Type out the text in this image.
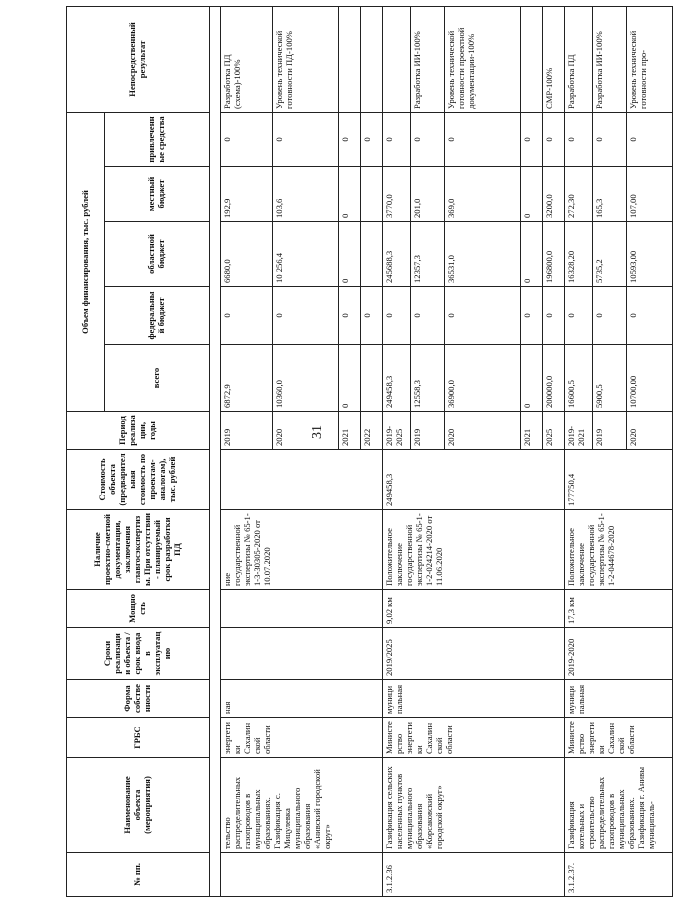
31
№ пп.	Наименование объекта (мероприятия)	ГРБС	Форма собственности	Сроки реализации объекта / срок ввода в эксплуатацию	Мощность	Наличие проектно-сметной документации, заключения главгосэкспертизы. При отсутствии - планируемый срок разработки ПД	Стоимость объекта (предварительная стоимость по проектам-аналогам), тыс. рублей	Период реализации, годы	Объем финансирования, тыс. рублей					Непосредственный результат
									всего	федеральный бюджет	областной бюджет	местный бюджет	привлеченные средства	

	тельство распределительных газопроводов в муниципальных образованиях. Газификация с. Мицулевка муниципального образования «Анивский городской округ»	энергетики Сахалинской области	ная			ние государственной экспертизы № 65-1-1-3-30305-2020 от 10.07.2020		2019	6872,9	0	6680,0	192,9	0	Разработка ПД (схема)-100%
								2020	10360,0	0	10 256,4	103,6	0	Уровень технической готовности ПД-100%
								2021	0	0	0	0	0	
								2022		0			0	
3.1.2.36	Газификация сельских населенных пунктов муниципального образования «Корсаковский городской округ»	Министерство энергетики Сахалинской области	муниципальная	2019/2025	9,02 км	Положительное заключение государственной экспертизы № 65-1-1-2-024214-2020 от 11.06.2020	249458,3	2019-2025	249458,3	0	245688,3	3770,0	0	
								2019	12558,3	0	12357,3	201,0	0	Разработка ИИ-100%
								2020	36900,0	0	36531,0	369,0	0	Уровень технической готовности проектной документации-100%
								2021	0	0	0	0	0	
								2025	200000,0	0	196800,0	3200,0	0	СМР-100%
3.1.2.37.	Газификация котельных и строительство распределительных газопроводов в муниципальных образованиях. Газификация г. Анивы муниципаль-	Министерство энергетики Сахалинской области	муниципальная	2019-2020	17,3 км	Положительное заключение государственной экспертизы № 65-1-1-2-044678-2020	177750,4	2019-2021	16600,5	0	16328,20	272,30	0	Разработка ПД
								2019	5900,5	0	5735,2	165,3	0	Разработка ИИ-100%
								2020	10700,00	0	10593,00	107,00	0	Уровень технической готовности про-
